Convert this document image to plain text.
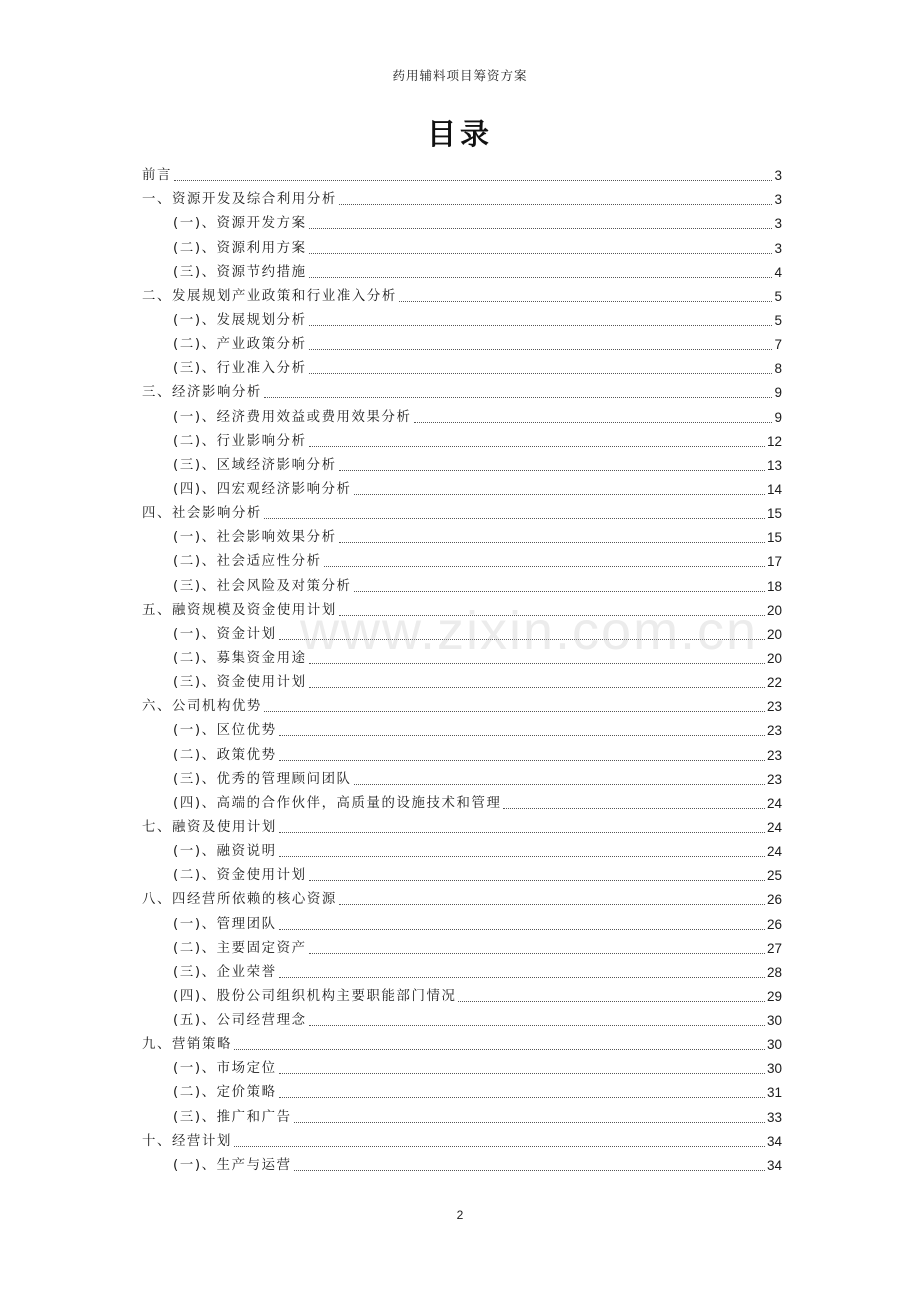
药用辅料项目筹资方案
目录
前言	3
一、资源开发及综合利用分析	3
(一)、资源开发方案	3
(二)、资源利用方案	3
(三)、资源节约措施	4
二、发展规划产业政策和行业准入分析	5
(一)、发展规划分析	5
(二)、产业政策分析	7
(三)、行业准入分析	8
三、经济影响分析	9
(一)、经济费用效益或费用效果分析	9
(二)、行业影响分析	12
(三)、区域经济影响分析	13
(四)、四宏观经济影响分析	14
四、社会影响分析	15
(一)、社会影响效果分析	15
(二)、社会适应性分析	17
(三)、社会风险及对策分析	18
五、融资规模及资金使用计划	20
(一)、资金计划	20
(二)、募集资金用途	20
(三)、资金使用计划	22
六、公司机构优势	23
(一)、区位优势	23
(二)、政策优势	23
(三)、优秀的管理顾问团队	23
(四)、高端的合作伙伴，高质量的设施技术和管理	24
七、融资及使用计划	24
(一)、融资说明	24
(二)、资金使用计划	25
八、四经营所依赖的核心资源	26
(一)、管理团队	26
(二)、主要固定资产	27
(三)、企业荣誉	28
(四)、股份公司组织机构主要职能部门情况	29
(五)、公司经营理念	30
九、营销策略	30
(一)、市场定位	30
(二)、定价策略	31
(三)、推广和广告	33
十、经营计划	34
(一)、生产与运营	34
www.zixin.com.cn
2
